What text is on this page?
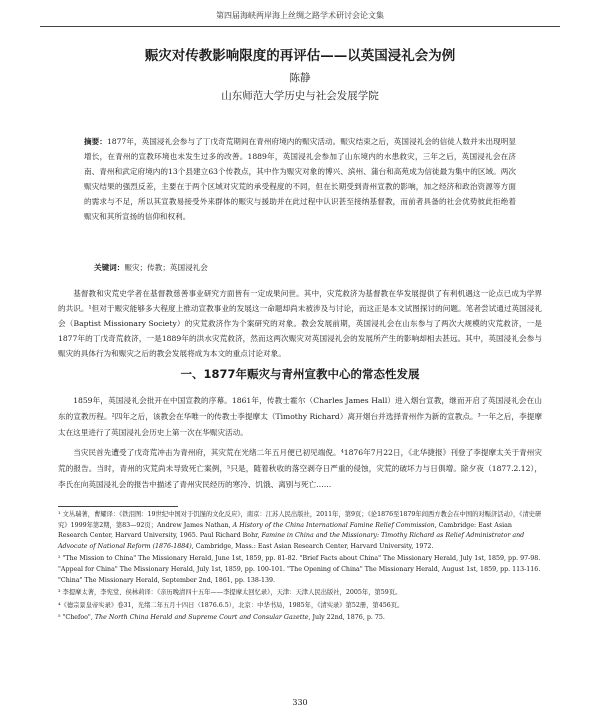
第四届海峡两岸海上丝绸之路学术研讨会论文集
赈灾对传教影响限度的再评估——以英国浸礼会为例
陈静
山东师范大学历史与社会发展学院
摘要：1877年，英国浸礼会参与了丁戊奇荒期间在青州府境内的赈灾活动。赈灾结束之后，英国浸礼会的信徒人数并未出现明显增长，在青州的宣教环境也未发生过多的改善。1889年，英国浸礼会参加了山东境内的水患救灾，三年之后，英国浸礼会在济南、青州和武定府境内的13个县建立63个传教点，其中作为赈灾对象的博兴、滨州、蒲台和高苑成为信徒最为集中的区域。两次赈灾结果的强烈反差，主要在于两个区域对灾荒的承受程度的不同，但在长期受到青州宣教的影响，加之经济和政治资源等方面的需求与不足，所以其宣教易接受外来群体的赈灾与援助并在此过程中认识甚至接纳基督教，而前者具备的社会优势彼此拒绝着赈灾和其所宣扬的信仰和权利。
关键词：赈灾；传教；英国浸礼会
基督教和灾荒史学者在基督教慈善事业研究方面皆有一定成果问世。其中，灾荒救济为基督教在华发展提供了有利机遇这一论点已成为学界的共识。¹但对于赈灾能够多大程度上推动宣教事业的发展这一命题却尚未被涉及与讨论，而这正是本文试图探讨的问题。笔者尝试通过英国浸礼会（Baptist Missionary Society）的灾荒救济作为个案研究的对象。教会发展前期，英国浸礼会在山东参与了两次大规模的灾荒救济，一是1877年的丁戊奇荒救济，一是1889年的洪水灾荒救济，然而这两次赈灾对英国浸礼会的发展所产生的影响却相去甚远。其中，英国浸礼会参与赈灾的具体行为和赈灾之后的教会发展将成为本文的重点讨论对象。
一、1877年赈灾与青州宣教中心的常态性发展

1859年，英国浸礼会批开在中国宣教的序幕。1861年，传教士霍尔（Charles James Hall）进入烟台宣教，继而开启了英国浸礼会在山东的宣教历程。²四年之后，该教会在华唯一的传教士李提摩太（Timothy Richard）离开烟台并选择青州作为新的宣教点。³一年之后，李提摩太在这里进行了英国浸礼会历史上第一次在华赈灾活动。

当灾民首先遭受了戊奇荒冲击为青州府，其灾荒在光绪二年五月便已初见端倪。⁴1876年7月22日，《北华捷报》刊登了李提摩太关于青州灾荒的报告。当时，青州的灾荒尚未导致死亡案例，⁵只是，随着秋收的落空剥夺日严重的侵蚀，灾荒的破坏力与日俱增。除夕夜（1877.2.12），李氏在向英国浸礼会的报告中描述了青州灾民经历的寒冷、饥饿、离别与死亡……

¹ 文丛瑞著，曹耀译：《铁泪图：19世纪中国对于饥馑的文化反应》，南京：江苏人民出版社，2011年，第9页；《论1876至1879年间西方教会在中国的对赈济活动》，《清史研究》1999年第2期，第83—92页；Andrew James Nathan, A History of the China International Famine Relief Commission, Cambridge: East Asian Research Center, Harvard University, 1965. Paul Richard Bohr, Famine in China and the Missionary: Timothy Richard as Relief Administrator and Advocate of National Reform (1876-1884), Cambridge, Mass.: East Asian Research Center, Harvard University, 1972.

² "The Mission to China" The Missionary Herald, June 1st, 1859, pp. 81-82. "Brief Facts about China" The Missionary Herald, July 1st, 1859, pp. 97-98. "Appeal for China" The Missionary Herald, July 1st, 1859, pp. 100-101. "The Opening of China" The Missionary Herald, August 1st, 1859, pp. 113-116. "China" The Missionary Herald, September 2nd, 1861, pp. 138-139.

³ 李提摩太著，李宪堂、侯林莉译：《亲历晚清四十五年——李提摩太回忆录》，天津：天津人民出版社，2005年，第59页。

⁴《德宗景皇帝实录》卷31，光绪二年五月十四日（1876.6.5），北京：中华书局，1985年，《清实录》第52册，第456页。

⁵ "Chefoo", The North China Herald and Supreme Court and Consular Gazette, July 22nd, 1876, p. 75.

330
